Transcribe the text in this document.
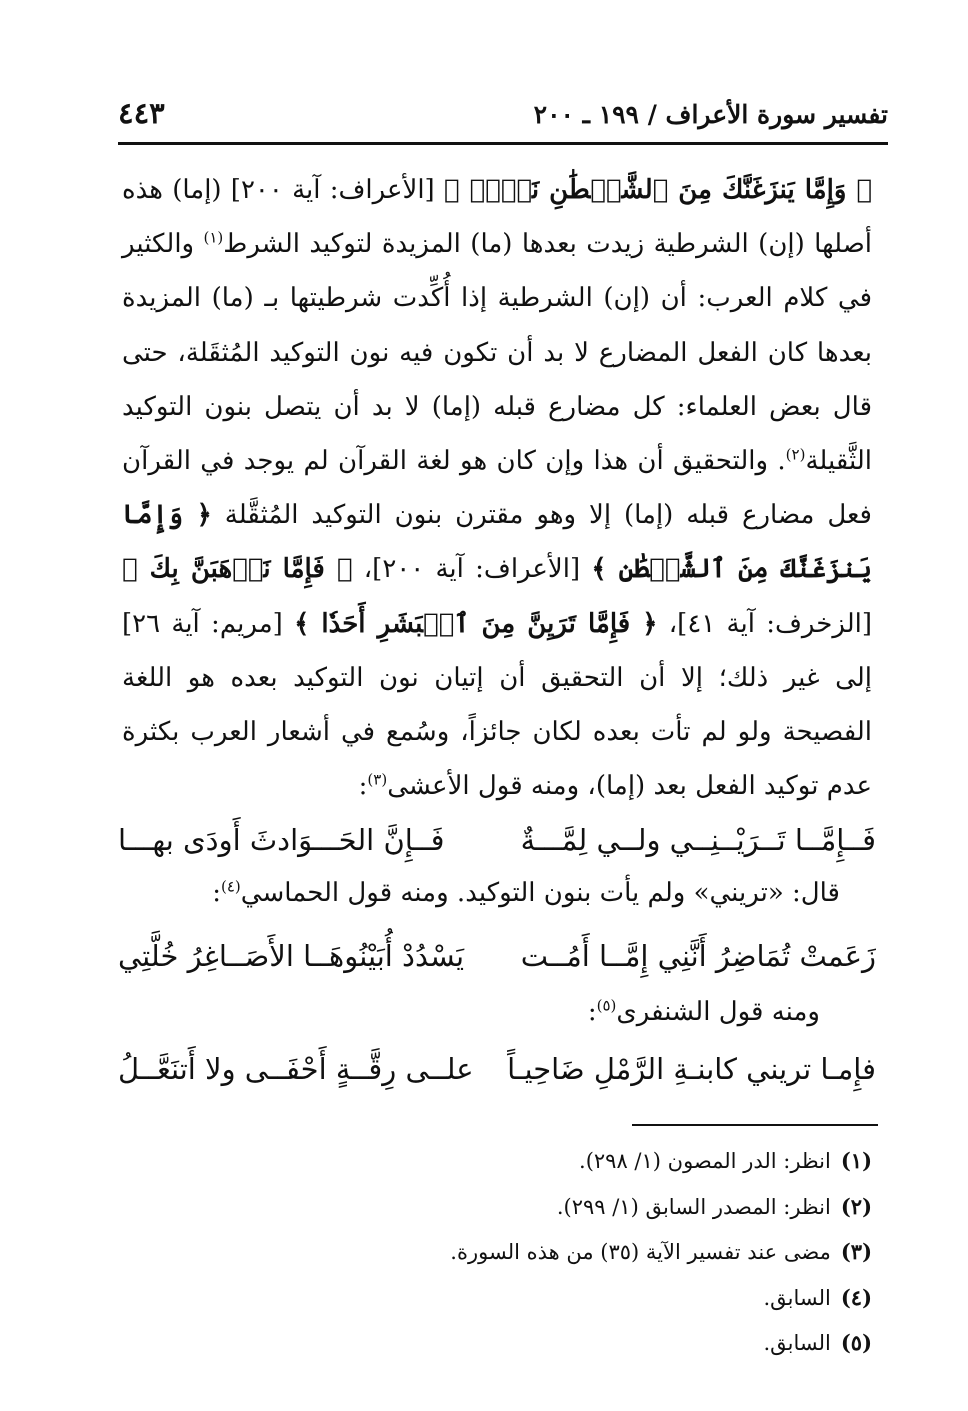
تفسير سورة الأعراف / ١٩٩ ـ ٢٠٠
٤٤٣

﴿ وَإِمَّا يَنزَغَنَّكَ مِنَ ٱلشَّيۡطَٰنِ نَزۡغٞ ﴾ [الأعراف: آية ٢٠٠] (إما) هذه أصلها (إن) الشرطية زيدت بعدها (ما) المزيدة لتوكيد الشرط$^{(١)}$ والكثير في كلام العرب: أن (إن) الشرطية إذا أُكِّدت شرطيتها بـ (ما) المزيدة بعدها كان الفعل المضارع لا بد أن تكون فيه نون التوكيد المُثقَلة، حتى قال بعض العلماء: كل مضارع قبله (إما) لا بد أن يتصل بنون التوكيد الثَّقيلة$^{(٢)}$. والتحقيق أن هذا وإن كان هو لغة القرآن لم يوجد في القرآن فعل مضارع قبله (إما) إلا وهو مقترن بنون التوكيد المُثقَّلة ﴿ وَإِمَّا يَنزَغَنَّكَ مِنَ ٱلشَّيۡطَٰنِ ﴾ [الأعراف: آية ٢٠٠]، ﴿ فَإِمَّا نَذۡهَبَنَّ بِكَ ﴾ [الزخرف: آية ٤١]، ﴿ فَإِمَّا تَرَيِنَّ مِنَ ٱلۡبَشَرِ أَحَدٗا ﴾ [مريم: آية ٢٦] إلى غير ذلك؛ إلا أن التحقيق أن إتيان نون التوكيد بعده هو اللغة الفصيحة ولو لم تأت بعده لكان جائزاً، وسُمع في أشعار العرب بكثرة عدم توكيد الفعل بعد (إما)، ومنه قول الأعشى$^{(٣)}$:

فَــإِمَّــا تَــرَيْــنِــي ولــي لِمَّـــةٌ
فَــإِنَّ الحَـــوَادثَ أَودَى بهـــا
قال: «تريني» ولم يأت بنون التوكيد. ومنه قول الحماسي$^{(٤)}$:
زَعَمتْ تُمَاضِرُ أَنَّنِي إِمَّــا أَمُــت
يَسْدُدْ أُبَيْنُوهَــا الأَصَــاغِرُ خُلَّتِي
ومنه قول الشنفرى$^{(٥)}$:
فإِمـا تريني كابنـةِ الرَّمْلِ ضَاحِيـاً
علــى رِقَّــةٍ أَحْفَــى ولا أَتنَعَّــلُ
(١)انظر: الدر المصون (١/ ٢٩٨).
(٢)انظر: المصدر السابق (١/ ٢٩٩).
(٣)مضى عند تفسير الآية (٣٥) من هذه السورة.
(٤)السابق.
(٥)السابق.
